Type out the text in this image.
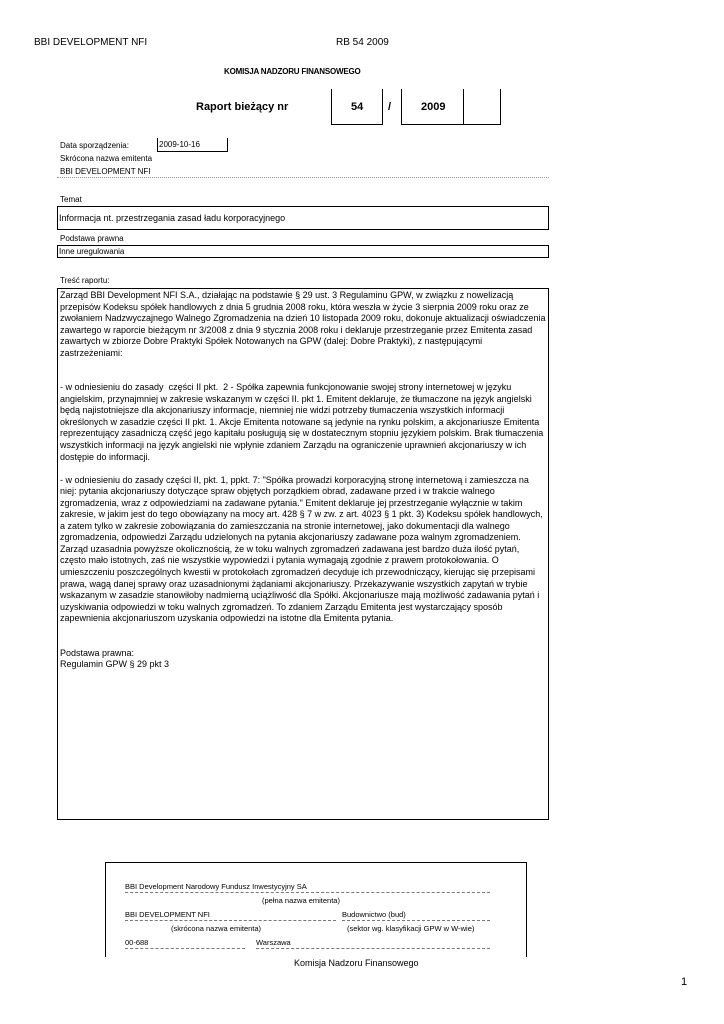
BBI DEVELOPMENT NFI	RB 54 2009
KOMISJA NADZORU FINANSOWEGO
Raport bieżący nr	54 /	2009
Data sporządzenia:	2009-10-16
Skrócona nazwa emitenta
BBI DEVELOPMENT NFI
Temat
Informacja nt. przestrzegania zasad ładu korporacyjnego
Podstawa prawna
Inne uregulowania
Treść raportu:

Zarząd BBI Development NFI S.A., działając na podstawie § 29 ust. 3 Regulaminu GPW, w związku z nowelizacją przepisów Kodeksu spółek handlowych z dnia 5 grudnia 2008 roku, która weszła w życie 3 sierpnia 2009 roku oraz ze zwołaniem Nadzwyczajnego Walnego Zgromadzenia na dzień 10 listopada 2009 roku, dokonuje aktualizacji oświadczenia zawartego w raporcie bieżącym nr 3/2008 z dnia 9 stycznia 2008 roku i deklaruje przestrzeganie przez Emitenta zasad zawartych w zbiorze Dobre Praktyki Spółek Notowanych na GPW (dalej: Dobre Praktyki), z następującymi zastrzeżeniami:

- w odniesieniu do zasady  części II pkt.  2 - Spółka zapewnia funkcjonowanie swojej strony internetowej w języku angielskim, przynajmniej w zakresie wskazanym w części II. pkt 1. Emitent deklaruje, że tłumaczone na język angielski będą najistotniejsze dla akcjonariuszy informacje, niemniej nie widzi potrzeby tłumaczenia wszystkich informacji określonych w zasadzie części II pkt. 1. Akcje Emitenta notowane są jedynie na rynku polskim, a akcjonariusze Emitenta reprezentujący zasadniczą część jego kapitału posługują się w dostatecznym stopniu językiem polskim. Brak tłumaczenia wszystkich informacji na język angielski nie wpłynie zdaniem Zarządu na ograniczenie uprawnień akcjonariuszy w ich dostępie do informacji.

- w odniesieniu do zasady części II, pkt. 1, ppkt. 7: "Spółka prowadzi korporacyjną stronę internetową i zamieszcza na niej: pytania akcjonariuszy dotyczące spraw objętych porządkiem obrad, zadawane przed i w trakcie walnego zgromadzenia, wraz z odpowiedziami na zadawane pytania." Emitent deklaruje jej przestrzeganie wyłącznie w takim zakresie, w jakim jest do tego obowiązany na mocy art. 428 § 7 w zw. z art. 4023 § 1 pkt. 3) Kodeksu spółek handlowych, a zatem tylko w zakresie zobowiązania do zamieszczania na stronie internetowej, jako dokumentacji dla walnego zgromadzenia, odpowiedzi Zarządu udzielonych na pytania akcjonariuszy zadawane poza walnym zgromadzeniem. Zarząd uzasadnia powyższe okolicznością, że w toku walnych zgromadzeń zadawana jest bardzo duża ilość pytań, często mało istotnych, zaś nie wszystkie wypowiedzi i pytania wymagają zgodnie z prawem protokołowania. O umieszczeniu poszczególnych kwestii w protokołach zgromadzeń decyduje ich przewodniczący, kierując się przepisami prawa, wagą danej sprawy oraz uzasadnionymi żądaniami akcjonariuszy. Przekazywanie wszystkich zapytań w trybie wskazanym w zasadzie stanowiłoby nadmierną uciążliwość dla Spółki. Akcjonariusze mają możliwość zadawania pytań i uzyskiwania odpowiedzi w toku walnych zgromadzeń. To zdaniem Zarządu Emitenta jest wystarczający sposób zapewnienia akcjonariuszom uzyskania odpowiedzi na istotne dla Emitenta pytania.

Podstawa prawna:
Regulamin GPW § 29 pkt 3

BBI Development Narodowy Fundusz Inwestycyjny SA
(pełna nazwa emitenta)
BBI DEVELOPMENT NFI
(skrócona nazwa emitenta)
Budownictwo (bud)
(sektor wg. klasyfikacji GPW w W-wie)
00-688	Warszawa
Komisja Nadzoru Finansowego
1
